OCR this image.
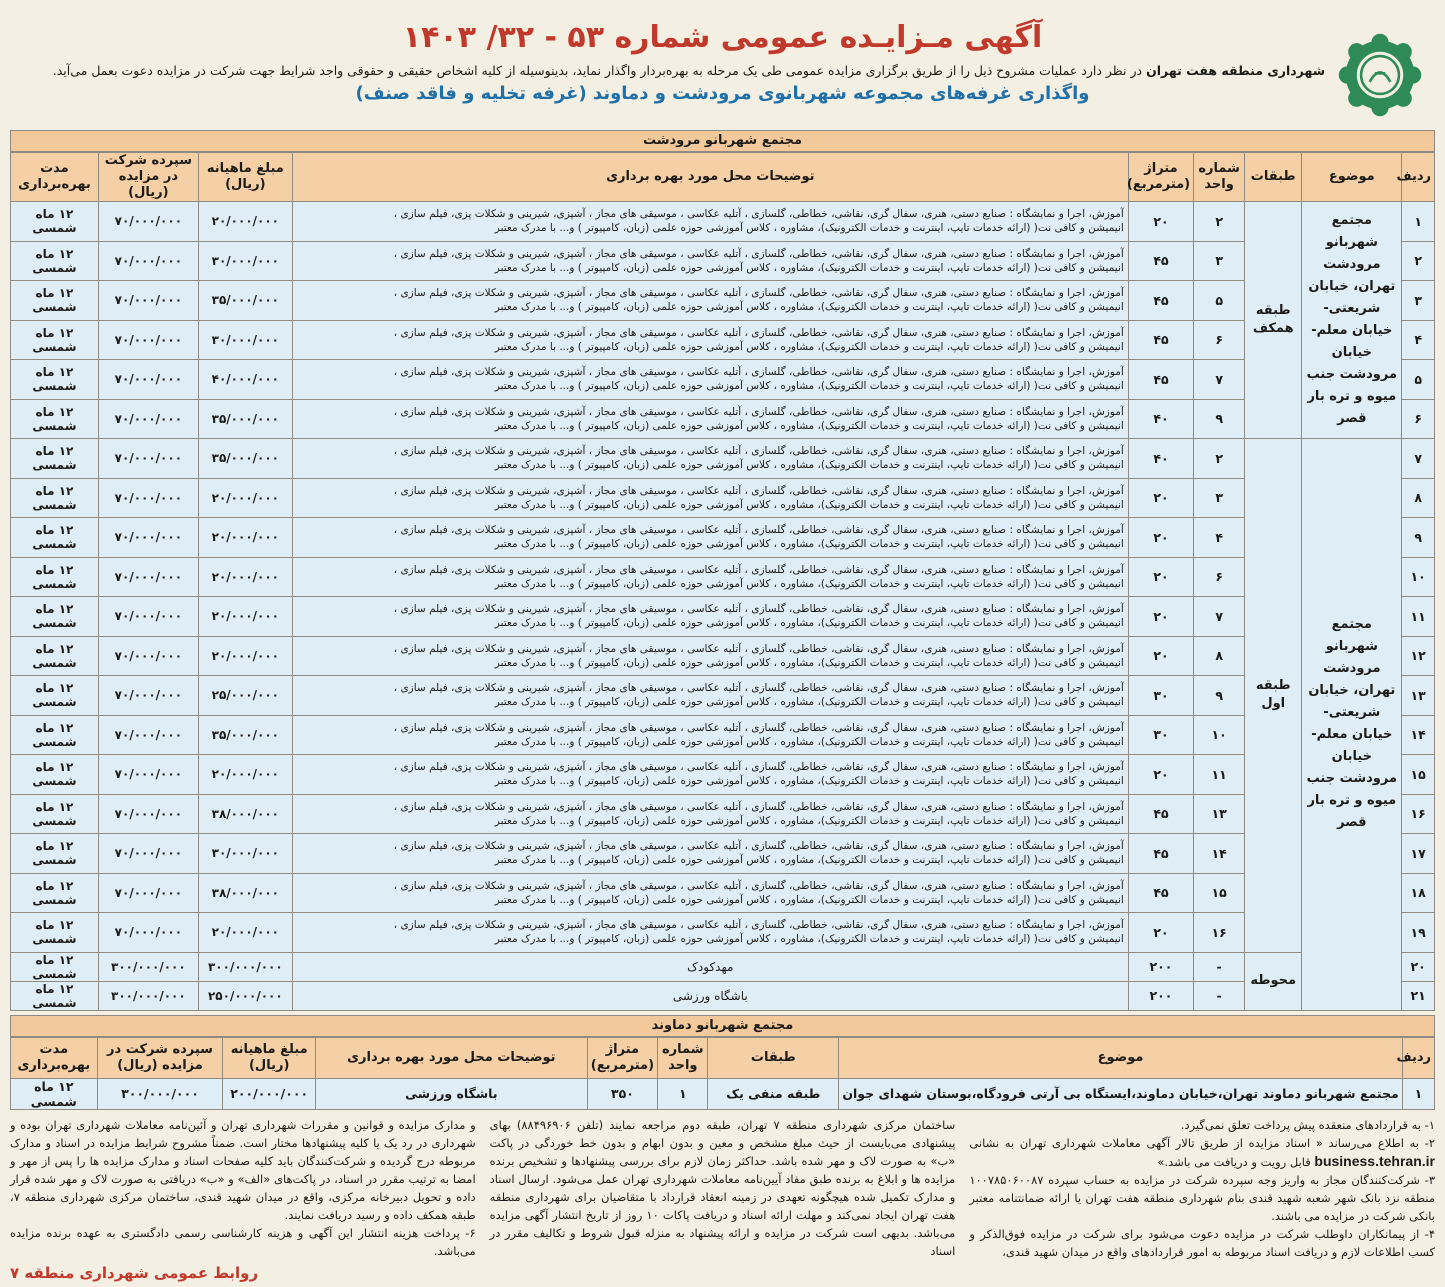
آگهی مـزایـده عمومی شماره ۵۳ - ۳۲/ ۱۴۰۳
شهرداری منطقه هفت تهران در نظر دارد عملیات مشروح ذیل را از طریق برگزاری مزایده عمومی طی یک مرحله به بهره‌بردار واگذار نماید، بدینوسیله از کلیه اشخاص حقیقی و حقوقی واجد شرایط جهت شرکت در مزایده دعوت بعمل می‌آید.
واگذاری غرفه‌های مجموعه شهربانوی مرودشت و دماوند (غرفه تخلیه و فاقد صنف)
مجتمع شهربانو مرودشت
ردیف	موضوع	طبقات	شماره واحد	متراژ (مترمربع)	توضیحات محل مورد بهره برداری	مبلغ ماهیانه (ریال)	سپرده شرکت در مزایده (ریال)	مدت بهره‌برداری
۱	مجتمع شهربانو مرودشت تهران، خیابان شریعتی- خیابان معلم- خیابان مرودشت جنب میوه و تره بار قصر	طبقه همکف	۲	۲۰	آموزش، اجرا و نمایشگاه : صنایع دستی، هنری، سفال گری، نقاشی، خطاطی، گلسازی ، آتلیه عکاسی ، موسیقی های مجاز ، آشپزی، شیرینی و شکلات پزی، فیلم سازی ،
انیمیشن و کافی نت( (ارائه خدمات تایپ، اینترنت و خدمات الکترونیک)، مشاوره ، کلاس آموزشی حوزه علمی (زبان، کامپیوتر ) و... با مدرک معتبر	۲۰/۰۰۰/۰۰۰	۷۰/۰۰۰/۰۰۰	۱۲ ماه شمسی
۲			۳	۴۵	آموزش، اجرا و نمایشگاه : صنایع دستی، هنری، سفال گری، نقاشی، خطاطی، گلسازی ، آتلیه عکاسی ، موسیقی های مجاز ، آشپزی، شیرینی و شکلات پزی، فیلم سازی ،
انیمیشن و کافی نت( (ارائه خدمات تایپ، اینترنت و خدمات الکترونیک)، مشاوره ، کلاس آموزشی حوزه علمی (زبان، کامپیوتر ) و... با مدرک معتبر	۳۰/۰۰۰/۰۰۰	۷۰/۰۰۰/۰۰۰	۱۲ ماه شمسی
۳			۵	۴۵	آموزش، اجرا و نمایشگاه : صنایع دستی، هنری، سفال گری، نقاشی، خطاطی، گلسازی ، آتلیه عکاسی ، موسیقی های مجاز ، آشپزی، شیرینی و شکلات پزی، فیلم سازی ،
انیمیشن و کافی نت( (ارائه خدمات تایپ، اینترنت و خدمات الکترونیک)، مشاوره ، کلاس آموزشی حوزه علمی (زبان، کامپیوتر ) و... با مدرک معتبر	۳۵/۰۰۰/۰۰۰	۷۰/۰۰۰/۰۰۰	۱۲ ماه شمسی
۴			۶	۴۵	آموزش، اجرا و نمایشگاه : صنایع دستی، هنری، سفال گری، نقاشی، خطاطی، گلسازی ، آتلیه عکاسی ، موسیقی های مجاز ، آشپزی، شیرینی و شکلات پزی، فیلم سازی ،
انیمیشن و کافی نت( (ارائه خدمات تایپ، اینترنت و خدمات الکترونیک)، مشاوره ، کلاس آموزشی حوزه علمی (زبان، کامپیوتر ) و... با مدرک معتبر	۳۰/۰۰۰/۰۰۰	۷۰/۰۰۰/۰۰۰	۱۲ ماه شمسی
۵			۷	۴۵	آموزش، اجرا و نمایشگاه : صنایع دستی، هنری، سفال گری، نقاشی، خطاطی، گلسازی ، آتلیه عکاسی ، موسیقی های مجاز ، آشپزی، شیرینی و شکلات پزی، فیلم سازی ،
انیمیشن و کافی نت( (ارائه خدمات تایپ، اینترنت و خدمات الکترونیک)، مشاوره ، کلاس آموزشی حوزه علمی (زبان، کامپیوتر ) و... با مدرک معتبر	۴۰/۰۰۰/۰۰۰	۷۰/۰۰۰/۰۰۰	۱۲ ماه شمسی
۶			۹	۴۰	آموزش، اجرا و نمایشگاه : صنایع دستی، هنری، سفال گری، نقاشی، خطاطی، گلسازی ، آتلیه عکاسی ، موسیقی های مجاز ، آشپزی، شیرینی و شکلات پزی، فیلم سازی ،
انیمیشن و کافی نت( (ارائه خدمات تایپ، اینترنت و خدمات الکترونیک)، مشاوره ، کلاس آموزشی حوزه علمی (زبان، کامپیوتر ) و... با مدرک معتبر	۳۵/۰۰۰/۰۰۰	۷۰/۰۰۰/۰۰۰	۱۲ ماه شمسی
۷	مجتمع شهربانو مرودشت تهران، خیابان شریعتی- خیابان معلم- خیابان مرودشت جنب میوه و تره بار قصر	طبقه اول	۲	۴۰	آموزش، اجرا و نمایشگاه : صنایع دستی، هنری، سفال گری، نقاشی، خطاطی، گلسازی ، آتلیه عکاسی ، موسیقی های مجاز ، آشپزی، شیرینی و شکلات پزی، فیلم سازی ،
انیمیشن و کافی نت( (ارائه خدمات تایپ، اینترنت و خدمات الکترونیک)، مشاوره ، کلاس آموزشی حوزه علمی (زبان، کامپیوتر ) و... با مدرک معتبر	۳۵/۰۰۰/۰۰۰	۷۰/۰۰۰/۰۰۰	۱۲ ماه شمسی
۸			۳	۲۰	آموزش، اجرا و نمایشگاه : صنایع دستی، هنری، سفال گری، نقاشی، خطاطی، گلسازی ، آتلیه عکاسی ، موسیقی های مجاز ، آشپزی، شیرینی و شکلات پزی، فیلم سازی ،
انیمیشن و کافی نت( (ارائه خدمات تایپ، اینترنت و خدمات الکترونیک)، مشاوره ، کلاس آموزشی حوزه علمی (زبان، کامپیوتر ) و... با مدرک معتبر	۲۰/۰۰۰/۰۰۰	۷۰/۰۰۰/۰۰۰	۱۲ ماه شمسی
۹			۴	۲۰	آموزش، اجرا و نمایشگاه : صنایع دستی، هنری، سفال گری، نقاشی، خطاطی، گلسازی ، آتلیه عکاسی ، موسیقی های مجاز ، آشپزی، شیرینی و شکلات پزی، فیلم سازی ،
انیمیشن و کافی نت( (ارائه خدمات تایپ، اینترنت و خدمات الکترونیک)، مشاوره ، کلاس آموزشی حوزه علمی (زبان، کامپیوتر ) و... با مدرک معتبر	۲۰/۰۰۰/۰۰۰	۷۰/۰۰۰/۰۰۰	۱۲ ماه شمسی
۱۰			۶	۲۰	آموزش، اجرا و نمایشگاه : صنایع دستی، هنری، سفال گری، نقاشی، خطاطی، گلسازی ، آتلیه عکاسی ، موسیقی های مجاز ، آشپزی، شیرینی و شکلات پزی، فیلم سازی ،
انیمیشن و کافی نت( (ارائه خدمات تایپ، اینترنت و خدمات الکترونیک)، مشاوره ، کلاس آموزشی حوزه علمی (زبان، کامپیوتر ) و... با مدرک معتبر	۲۰/۰۰۰/۰۰۰	۷۰/۰۰۰/۰۰۰	۱۲ ماه شمسی
۱۱			۷	۲۰	آموزش، اجرا و نمایشگاه : صنایع دستی، هنری، سفال گری، نقاشی، خطاطی، گلسازی ، آتلیه عکاسی ، موسیقی های مجاز ، آشپزی، شیرینی و شکلات پزی، فیلم سازی ،
انیمیشن و کافی نت( (ارائه خدمات تایپ، اینترنت و خدمات الکترونیک)، مشاوره ، کلاس آموزشی حوزه علمی (زبان، کامپیوتر ) و... با مدرک معتبر	۲۰/۰۰۰/۰۰۰	۷۰/۰۰۰/۰۰۰	۱۲ ماه شمسی
۱۲			۸	۲۰	آموزش، اجرا و نمایشگاه : صنایع دستی، هنری، سفال گری، نقاشی، خطاطی، گلسازی ، آتلیه عکاسی ، موسیقی های مجاز ، آشپزی، شیرینی و شکلات پزی، فیلم سازی ،
انیمیشن و کافی نت( (ارائه خدمات تایپ، اینترنت و خدمات الکترونیک)، مشاوره ، کلاس آموزشی حوزه علمی (زبان، کامپیوتر ) و... با مدرک معتبر	۲۰/۰۰۰/۰۰۰	۷۰/۰۰۰/۰۰۰	۱۲ ماه شمسی
۱۳			۹	۳۰	آموزش، اجرا و نمایشگاه : صنایع دستی، هنری، سفال گری، نقاشی، خطاطی، گلسازی ، آتلیه عکاسی ، موسیقی های مجاز ، آشپزی، شیرینی و شکلات پزی، فیلم سازی ،
انیمیشن و کافی نت( (ارائه خدمات تایپ، اینترنت و خدمات الکترونیک)، مشاوره ، کلاس آموزشی حوزه علمی (زبان، کامپیوتر ) و... با مدرک معتبر	۲۵/۰۰۰/۰۰۰	۷۰/۰۰۰/۰۰۰	۱۲ ماه شمسی
۱۴			۱۰	۳۰	آموزش، اجرا و نمایشگاه : صنایع دستی، هنری، سفال گری، نقاشی، خطاطی، گلسازی ، آتلیه عکاسی ، موسیقی های مجاز ، آشپزی، شیرینی و شکلات پزی، فیلم سازی ،
انیمیشن و کافی نت( (ارائه خدمات تایپ، اینترنت و خدمات الکترونیک)، مشاوره ، کلاس آموزشی حوزه علمی (زبان، کامپیوتر ) و... با مدرک معتبر	۳۵/۰۰۰/۰۰۰	۷۰/۰۰۰/۰۰۰	۱۲ ماه شمسی
۱۵			۱۱	۲۰	آموزش، اجرا و نمایشگاه : صنایع دستی، هنری، سفال گری، نقاشی، خطاطی، گلسازی ، آتلیه عکاسی ، موسیقی های مجاز ، آشپزی، شیرینی و شکلات پزی، فیلم سازی ،
انیمیشن و کافی نت( (ارائه خدمات تایپ، اینترنت و خدمات الکترونیک)، مشاوره ، کلاس آموزشی حوزه علمی (زبان، کامپیوتر ) و... با مدرک معتبر	۲۰/۰۰۰/۰۰۰	۷۰/۰۰۰/۰۰۰	۱۲ ماه شمسی
۱۶			۱۳	۴۵	آموزش، اجرا و نمایشگاه : صنایع دستی، هنری، سفال گری، نقاشی، خطاطی، گلسازی ، آتلیه عکاسی ، موسیقی های مجاز ، آشپزی، شیرینی و شکلات پزی، فیلم سازی ،
انیمیشن و کافی نت( (ارائه خدمات تایپ، اینترنت و خدمات الکترونیک)، مشاوره ، کلاس آموزشی حوزه علمی (زبان، کامپیوتر ) و... با مدرک معتبر	۳۸/۰۰۰/۰۰۰	۷۰/۰۰۰/۰۰۰	۱۲ ماه شمسی
۱۷			۱۴	۴۵	آموزش، اجرا و نمایشگاه : صنایع دستی، هنری، سفال گری، نقاشی، خطاطی، گلسازی ، آتلیه عکاسی ، موسیقی های مجاز ، آشپزی، شیرینی و شکلات پزی، فیلم سازی ،
انیمیشن و کافی نت( (ارائه خدمات تایپ، اینترنت و خدمات الکترونیک)، مشاوره ، کلاس آموزشی حوزه علمی (زبان، کامپیوتر ) و... با مدرک معتبر	۳۰/۰۰۰/۰۰۰	۷۰/۰۰۰/۰۰۰	۱۲ ماه شمسی
۱۸			۱۵	۴۵	آموزش، اجرا و نمایشگاه : صنایع دستی، هنری، سفال گری، نقاشی، خطاطی، گلسازی ، آتلیه عکاسی ، موسیقی های مجاز ، آشپزی، شیرینی و شکلات پزی، فیلم سازی ،
انیمیشن و کافی نت( (ارائه خدمات تایپ، اینترنت و خدمات الکترونیک)، مشاوره ، کلاس آموزشی حوزه علمی (زبان، کامپیوتر ) و... با مدرک معتبر	۳۸/۰۰۰/۰۰۰	۷۰/۰۰۰/۰۰۰	۱۲ ماه شمسی
۱۹			۱۶	۲۰	آموزش، اجرا و نمایشگاه : صنایع دستی، هنری، سفال گری، نقاشی، خطاطی، گلسازی ، آتلیه عکاسی ، موسیقی های مجاز ، آشپزی، شیرینی و شکلات پزی، فیلم سازی ،
انیمیشن و کافی نت( (ارائه خدمات تایپ، اینترنت و خدمات الکترونیک)، مشاوره ، کلاس آموزشی حوزه علمی (زبان، کامپیوتر ) و... با مدرک معتبر	۲۰/۰۰۰/۰۰۰	۷۰/۰۰۰/۰۰۰	۱۲ ماه شمسی
۲۰		محوطه	-	۲۰۰	مهدکودک	۳۰۰/۰۰۰/۰۰۰	۳۰۰/۰۰۰/۰۰۰	۱۲ ماه شمسی
۲۱			-	۲۰۰	باشگاه ورزشی	۲۵۰/۰۰۰/۰۰۰	۳۰۰/۰۰۰/۰۰۰	۱۲ ماه شمسی
مجتمع شهربانو دماوند
ردیف	موضوع	طبقات	شماره واحد	متراژ (مترمربع)	توضیحات محل مورد بهره برداری	مبلغ ماهیانه (ریال)	سپرده شرکت در مزایده (ریال)	مدت بهره‌برداری
۱	مجتمع شهربانو دماوند تهران،خیابان دماوند،ایستگاه بی آرتی فرودگاه،بوستان شهدای جوان	طبقه منفی یک	۱	۳۵۰	باشگاه ورزشی	۲۰۰/۰۰۰/۰۰۰	۳۰۰/۰۰۰/۰۰۰	۱۲ ماه شمسی

۱- به قراردادهای منعقده پیش پرداخت تعلق نمی‌گیرد.

۲- به اطلاع می‌رساند « اسناد مزایده از طریق تالار آگهی معاملات شهرداری تهران به نشانی business.tehran.ir قابل رویت و دریافت می باشد.»

۳- شرکت‌کنندگان مجاز به واریز وجه سپرده شرکت در مزایده به حساب سپرده ۱۰۰۷۸۵۰۶۰۰۸۷ منطقه نزد بانک شهر شعبه شهید قندی بنام شهرداری منطقه هفت تهران یا ارائه ضمانتنامه معتبر بانکی شرکت در مزایده می باشند.

۴- از پیمانکاران داوطلب شرکت در مزایده دعوت می‌شود برای شرکت در مزایده فوق‌الذکر و کسب اطلاعات لازم و دریافت اسناد مربوطه به امور قراردادهای واقع در میدان شهید قندی،

ساختمان مرکزی شهرداری منطقه ۷ تهران، طبقه دوم مراجعه نمایند (تلفن ۸۸۴۹۶۹۰۶) بهای پیشنهادی می‌بایست از حیث مبلغ مشخص و معین و بدون ابهام و بدون خط خوردگی در پاکت «ب» به صورت لاک و مهر شده باشد. حداکثر زمان لازم برای بررسی پیشنهادها و تشخیص برنده مزایده ها و ابلاغ به برنده طبق مفاد آیین‌نامه معاملات شهرداری تهران عمل می‌شود. ارسال اسناد و مدارک تکمیل شده هیچگونه تعهدی در زمینه انعقاد قرارداد با متقاضیان برای شهرداری منطقه هفت تهران ایجاد نمی‌کند و مهلت ارائه اسناد و دریافت پاکات ۱۰ روز از تاریخ انتشار آگهی مزایده می‌باشد. بدیهی است شرکت در مزایده و ارائه پیشنهاد به منزله قبول شروط و تکالیف مقرر در اسناد

و مدارک مزایده و قوانین و مقررات شهرداری تهران و آئین‌نامه معاملات شهرداری تهران بوده و شهرداری در رد یک یا کلیه پیشنهادها مختار است. ضمناً مشروح شرایط مزایده در اسناد و مدارک مربوطه درج گردیده و شرکت‌کنندگان باید کلیه صفحات اسناد و مدارک مزایده ها را پس از مهر و امضا به ترتیب مقرر در اسناد، در پاکت‌های «الف» و «ب» دریافتی به صورت لاک و مهر شده قرار داده و تحویل دبیرخانه مرکزی، واقع در میدان شهید قندی، ساختمان مرکزی شهرداری منطقه ۷، طبقه همکف داده و رسید دریافت نمایند.

۶- پرداخت هزینه انتشار این آگهی و هزینه کارشناسی رسمی دادگستری به عهده برنده مزایده می‌باشد.

روابط عمومی شهرداری منطقه ۷
